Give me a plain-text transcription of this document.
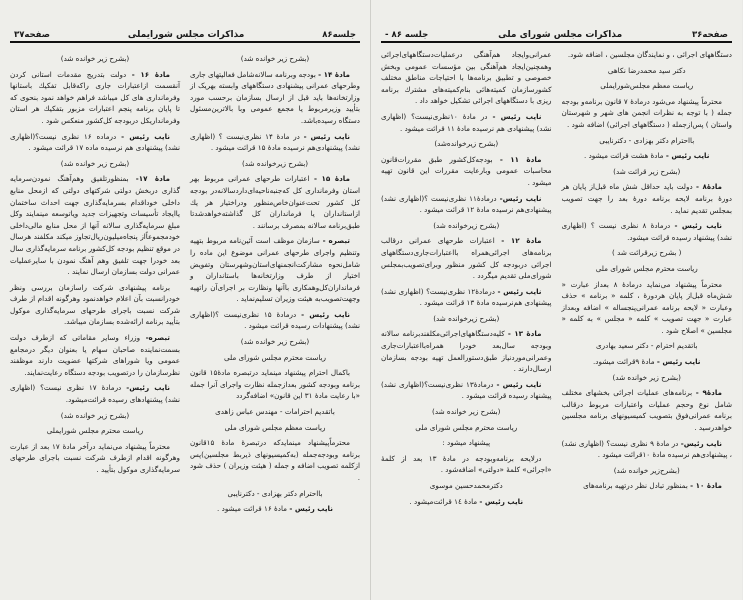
جلسه۸۶
مذاکرات مجلس شورایملی
صفحه۳۷

(بشرح زیر خوانده شد)

مادهٔ ۱۴ - بودجه وبرنامه سالانه‌شامل فعالیتهای جاری وطرحهای عمرانی پیشنهادی دستگاههای وابسته بهریک از وزارتخانه‌ها باید قبل از ارسال بسازمان برحسب مورد بتأیید وزیرمربوط یا مجمع عمومی وبا بالاترین‌مسئول دستگاه رسیده‌باشد.

نایب رئیس - در مادهٔ ۱۴ نظری‌نیست ؟ (اظهاری نشد) پیشنهادی‌هم نرسیده مادهٔ ۱۵ قرائت میشود .

(بشرح زیرخوانده شد)

مادهٔ ۱۵ - اعتبارات طرحهای عمرانی مربوط بهر استان وفرمانداری کل که‌جنبه‌ناحیه‌ای‌دارد‌سالانه‌در بودجه کل کشور تحت‌عنوان‌خاص‌منظور ودراختیار هر یك ازاستانداران یا فرمانداران کل گذاشته‌خواهدشدتا طبق‌برنامه سالانه بمصرف برسانند .

تبصره - سازمان موظف است آئین‌نامه مربوط بتهیه وتنظیم واجرای طرحهای عمرانی موضوع این ماده را شامل‌نحوه مشارکت‌انجمنهای‌استان‌وشهرستان وتفویض اختیار از طرف وزارتخانه‌ها باستانداران و فرمانداران‌کل‌وهمکاری باآنها ونظارت بر اجرای‌آن راتهیه وجهت‌تصویب‌به هیئت وزیران تسلیم‌نماید .

نایب رئیس - درمادهٔ ۱۵ نظری‌نیست ؟(اظهاری نشد) پیشنهادات رسیده قرائت میشود .

(بشرح زیر خوانده شد)

ریاست محترم مجلس شورای ملی

باکمال احترام پیشنهاد مینماید درتبصره مادهٔ۱۵ قانون برنامه وبودجه کشور بعدازجمله نظارت واجرای آنرا جمله «با رعایت مادهٔ ۳۱ این قانون» اضافه‌گردد

باتقدیم احترامات - مهندس عباس زاهدی

ریاست معظم مجلس شورای ملی

محترماًپیشنهاد مینمایدکه درتبصرهٔ مادهٔ ۱۵قانون برنامه وبودجه‌جمله (به‌کمیسیونهای ذیربط مجلسین)پس ازکلمه تصویب اضافه و جمله ( هیئت وزیران ) حذف شود .

بااحترام دکتر بهزادی - دکترنایبی

نایب رئیس - مادهٔ ۱۶ قرائت میشود .

(بشرح زیر خوانده شد)

مادهٔ ۱۶ - دولت بتدریج مقدمات استانی کردن آنقسمت ازاعتبارات جاری راکه‌قابل تفکیك باستانها وفرمانداری های کل میباشد فراهم خواهد نمود بنحوی که تا پایان برنامه پنجم اعتبارات مزبور بتفکیك هر استان وفرمانداریکل دربودجه کل‌کشور منعکس شود .

نایب رئیس - درماده ۱۶ نظری نیست؟(اظهاری نشد) پیشنهادی هم نرسیده ماده ۱۷ قرائت میشود .

(بشرح زیر خوانده شد)

مادهٔ ۱۷- بمنظورتلفیق وهم‌آهنگ نمودن‌سرمایه گذاری دربخش دولتی شرکتهای دولتی که ازمحل منابع داخلی خوداقدام بسرمایه‌گذاری جهت احداث ساختمان یاایجاد تأسیسات وتجهیزات جدید ویاتوسعه مینمایند وکل مبلغ سرمایه‌گذاری سالانه آنها از محل منابع مالی‌داخلی خودمجموعاً‌از پنجاه‌میلیون‌ریال‌تجاوز میکند مکلفند هرسال در موقع تنظیم بودجه کل‌کشور برنامه سرمایه‌گذاری سال بعد خودرا جهت تلفیق وهم آهنگ نمودن با سایرعملیات عمرانی دولت بسازمان ارسال نمایند .

برنامه پیشنهادی شرکت راسازمان بررسی ونظر خودرانسبت بآن اعلام خواهدنمود وهرگونه اقدام از طرف شرکت نسبت باجرای طرحهای سرمایه‌گذاری موکول بتأیید برنامه ارائه‌شده بسازمان میباشد.

تبصره- وزراء وسایر مقاماتی که ازطرف دولت بسمت‌نماینده صاحبان سهام یا بعنوان دیگر درمجامع عمومی ویا شوراهای شرکتها عضویت دارند موظفند نظرسازمان را درتصویب بودجه دستگاه رعایت‌نمایند.

نایب رئیس- درمادهٔ ۱۷ نظری نیست؟ (اظهاری نشد) پیشنهادهای رسیده قرائت‌میشود.

(بشرح زیر خوانده شد)

ریاست محترم مجلس شورایملی

محترماً پیشنهاد می‌نماید درآخر مادهٔ ۱۷ بعد از عبارت وهرگونه اقدام ازطرف شرکت نسبت باجرای طرحهای سرمایه‌گذاری موکول بتأیید .

صفحه۳۶
مذاکرات مجلس شورای ملی
جلسه ۸۶ -

دستگاههای اجرائی ، و نمایندگان مجلسین ، اضافه شود.

دکتر سید محمدرضا نکاهی

ریاست معظم مجلس‌شورایملی

محترماً پیشنهاد می‌شود درمادهٔ ۷ قانون برنامه‌و بودجه جمله ( با توجه به نظرات انجمن های شهر و شهرستان واستان ) پس‌ازجمله ( دستگاههای اجرائی) اضافه شود .

بااحترام دکتر بهزادی - دکترنایبی

نایب رئیس - مادهٔ هشت قرائت میشود .

(بشرح زیر قرائت شد)

مادهٔ۸ - دولت باید حداقل شش ماه قبل‌از پایان هر دورهٔ برنامه لایحه برنامه دورهٔ بعد را جهت تصویب بمجلس تقدیم نماید .

نایب رئیس - درمادهٔ ۸ نظری نیست ؟ (اظهاری نشد) پیشنهاد رسیده قرائت میشود.

( بشرح زیرقرائت شد )

ریاست محترم مجلس شورای ملی

محترماً پیشنهاد می‌نماید درمادهٔ ۸ بعداز عبارت « شش‌ماه قبل‌از پایان هردورهٔ ، کلمه « برنامه » حذف وعبارت « لایحه برنامه عمرانی‌پنجساله » اضافه وبعداز عبارت « جهت تصویب » کلمه « مجلس » به کلمه « مجلسین » اصلاح شود .

باتقدیم احترام - دکتر سعید بهادری

نایب رئیس - مادهٔ ۹قرائت میشود.

(بشرح زیر خوانده شد)

مادهٔ۹ - برنامه‌های عملیات اجرائی بخشهای مختلف شامل نوع وحجم عملیات واعتبارات مربوط درقالب برنامه عمرانی‌فوق بتصویب کمیسیونهای برنامه مجلسین خواهدرسید .

نایب رئیس- در مادهٔ ۹ نظری نیست؟ (اظهاری نشد) ، پیشنهادی‌هم نرسیده مادهٔ ۱۰قرائت میشود .

(بشرح‌زیر خوانده شد)

مادهٔ ۱۰ - بمنظور تبادل نظر درتهیه برنامه‌های

عمرانی‌وایجاد هم‌آهنگی درعملیات‌دستگاههای‌اجرائی وهمچنین‌ایجاد هم‌آهنگی بین مؤسسات عمومی وبخش خصوصی و تطبیق برنامه‌ها با احتیاجات مناطق مختلف کشورسازمان کمیته‌هائی بنام‌کمیته‌های مشترك برنامه ریزی با دستگاههای اجرائی تشکیل خواهد داد .

نایب رئیس - در مادهٔ ۱۰نظری‌نیست؟ (اظهاری نشد) پیشنهادی هم نرسیده مادهٔ ۱۱ قرائت میشود .

(بشرح زیرخوانده‌شد)

مادهٔ ۱۱ - بودجه‌کل‌کشور طبق مقررات‌قانون محاسبات عمومی وبارعایت مقررات این قانون تهیه میشود .

نایب رئیس- درمادهٔ۱۱ نظری‌نیست ؟(اظهاری نشد) پیشنهادی‌هم نرسیده مادهٔ ۱۲ قرائت میشود .

(بشرح زیرخوانده شد)

مادهٔ ۱۲ - اعتبارات طرحهای عمرانی درقالب برنامه‌های اجرائی‌همراه بااعتبارات‌جاری‌دستگاههای اجرائی دربودجه کل کشور منظور وبرای‌تصویب‌بمجلس شورای‌ملی تقدیم میگردد .

نایب رئیس - درمادهٔ۱۲ نظری‌نیست؟ (اظهاری نشد) پیشنهادی هم‌نرسیده مادهٔ ۱۳ قرائت میشود .

(بشرح زیرخوانده شد)

مادهٔ ۱۳ - کلیه‌دستگاههای‌اجرائی‌مکلفندبرنامه سالانه وبودجه سال‌بعد خودرا همراه‌بااعتبارات‌جاری وعمرانی‌موردنیاز طبق‌دستورالعمل تهیه بودجه بسازمان ارسال‌دارند .

نایب رئیس - درمادهٔ۱۳ نظری‌نیست؟(اظهاری نشد) پیشنهاد رسیده قرائت میشود .

(بشرح زیر خوانده شد)

ریاست محترم مجلس شورای ملی

پیشنهاد میشود :

درلایحه برنامه‌وبودجه در مادهٔ ۱۳ بعد از کلمهٔ «اجرائی» کلمهٔ «دولتی» اضافه‌شود .

دکترمحمدحسین موسوی

نایب رئیس - مادهٔ ۱٤ قرائت‌میشود .
